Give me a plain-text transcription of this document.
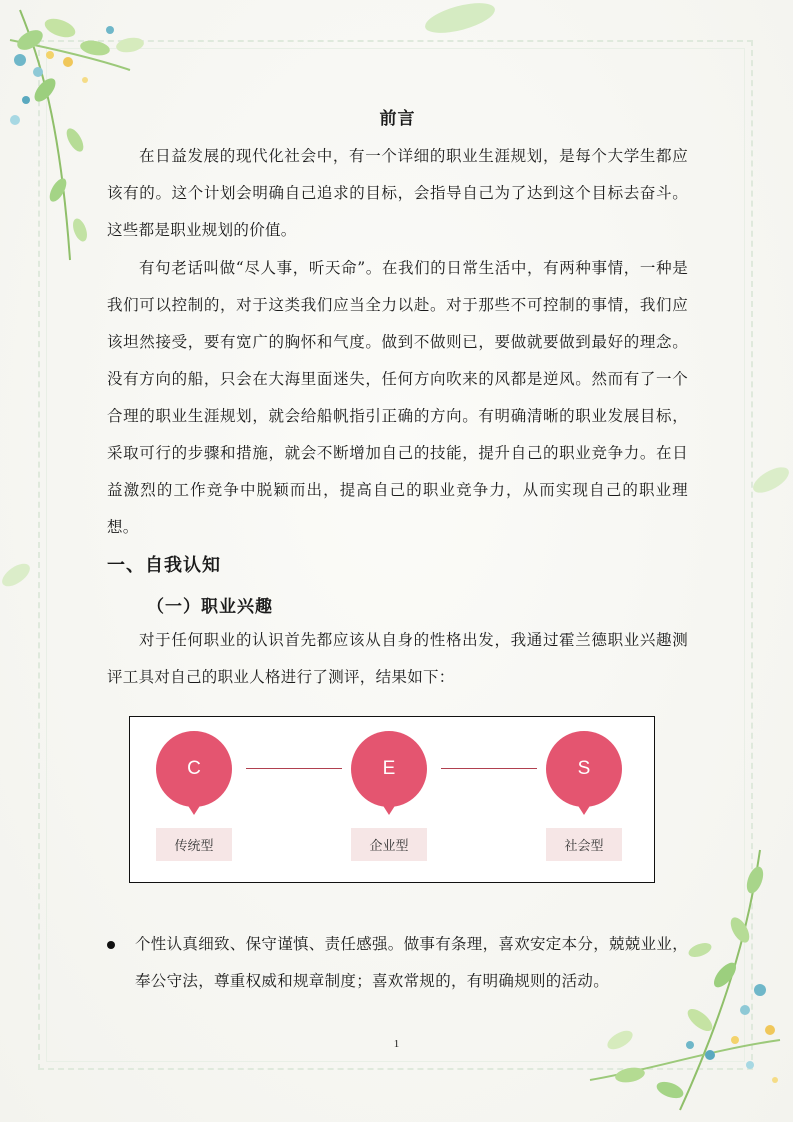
前言

在日益发展的现代化社会中，有一个详细的职业生涯规划，是每个大学生都应该有的。这个计划会明确自己追求的目标，会指导自己为了达到这个目标去奋斗。这些都是职业规划的价值。

有句老话叫做“尽人事，听天命”。在我们的日常生活中，有两种事情，一种是我们可以控制的，对于这类我们应当全力以赴。对于那些不可控制的事情，我们应该坦然接受，要有宽广的胸怀和气度。做到不做则已，要做就要做到最好的理念。没有方向的船，只会在大海里面迷失，任何方向吹来的风都是逆风。然而有了一个合理的职业生涯规划，就会给船帆指引正确的方向。有明确清晰的职业发展目标，采取可行的步骤和措施，就会不断增加自己的技能，提升自己的职业竞争力。在日益激烈的工作竞争中脱颖而出，提高自己的职业竞争力，从而实现自己的职业理想。

一、自我认知
（一）职业兴趣

对于任何职业的认识首先都应该从自身的性格出发，我通过霍兰德职业兴趣测评工具对自己的职业人格进行了测评，结果如下：

C	E	S
传统型	企业型	社会型
个性认真细致、保守谨慎、责任感强。做事有条理，喜欢安定本分，兢兢业业，奉公守法，尊重权威和规章制度；喜欢常规的，有明确规则的活动。
1
